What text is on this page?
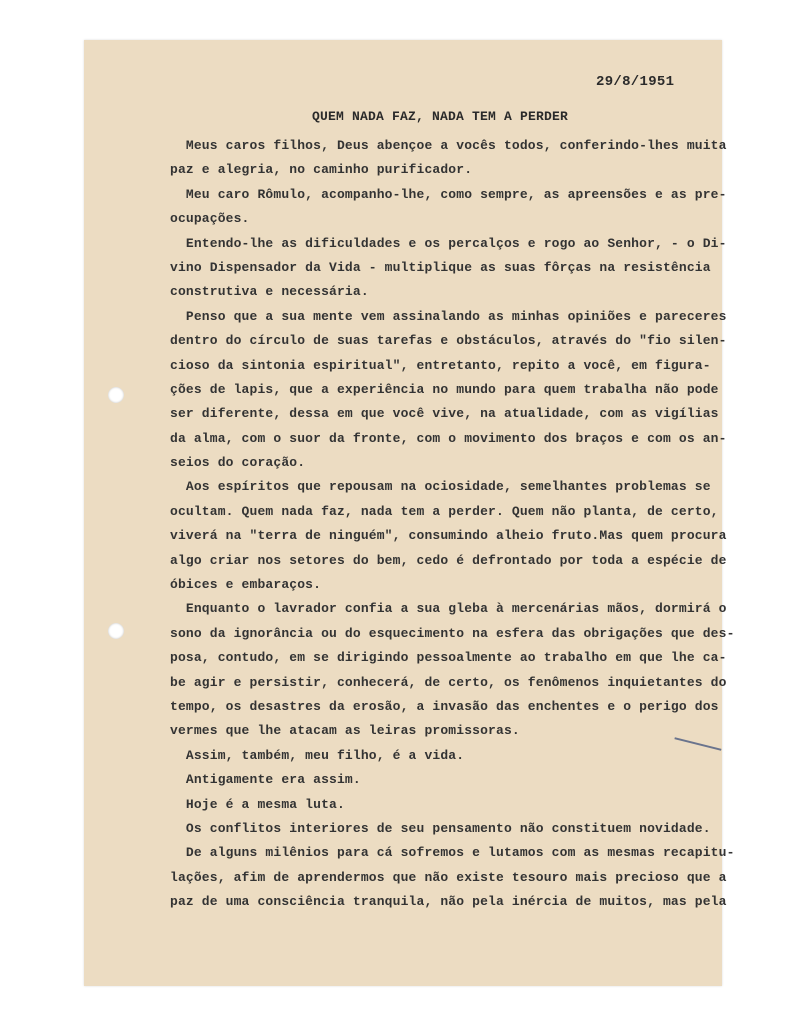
29/8/1951
QUEM NADA FAZ, NADA TEM A PERDER
Meus caros filhos, Deus abençoe a vocês todos, conferindo-lhes muita
paz e alegria, no caminho purificador.
Meu caro Rômulo, acompanho-lhe, como sempre, as apreensões e as pre-
ocupações.
Entendo-lhe as dificuldades e os percalços e rogo ao Senhor, - o Di-
vino Dispensador da Vida - multiplique as suas fôrças na resistência
construtiva e necessária.
Penso que a sua mente vem assinalando as minhas opiniões e pareceres
dentro do círculo de suas tarefas e obstáculos, através do "fio silen-
cioso da sintonia espiritual", entretanto, repito a você, em figura-
ções de lapis, que a experiência no mundo para quem trabalha não pode
ser diferente, dessa em que você vive, na atualidade, com as vigílias
da alma, com o suor da fronte, com o movimento dos braços e com os an-
seios do coração.
Aos espíritos que repousam na ociosidade, semelhantes problemas se
ocultam. Quem nada faz, nada tem a perder. Quem não planta, de certo,
viverá na "terra de ninguém", consumindo alheio fruto.Mas quem procura
algo criar nos setores do bem, cedo é defrontado por toda a espécie de
óbices e embaraços.
Enquanto o lavrador confia a sua gleba à mercenárias mãos, dormirá o
sono da ignorância ou do esquecimento na esfera das obrigações que des-
posa, contudo, em se dirigindo pessoalmente ao trabalho em que lhe ca-
be agir e persistir, conhecerá, de certo, os fenômenos inquietantes do
tempo, os desastres da erosão, a invasão das enchentes e o perigo dos
vermes que lhe atacam as leiras promissoras.
Assim, também, meu filho, é a vida.
Antigamente era assim.
Hoje é a mesma luta.
Os conflitos interiores de seu pensamento não constituem novidade.
De alguns milênios para cá sofremos e lutamos com as mesmas recapitu-
lações, afim de aprendermos que não existe tesouro mais precioso que a
paz de uma consciência tranquila, não pela inércia de muitos, mas pela
